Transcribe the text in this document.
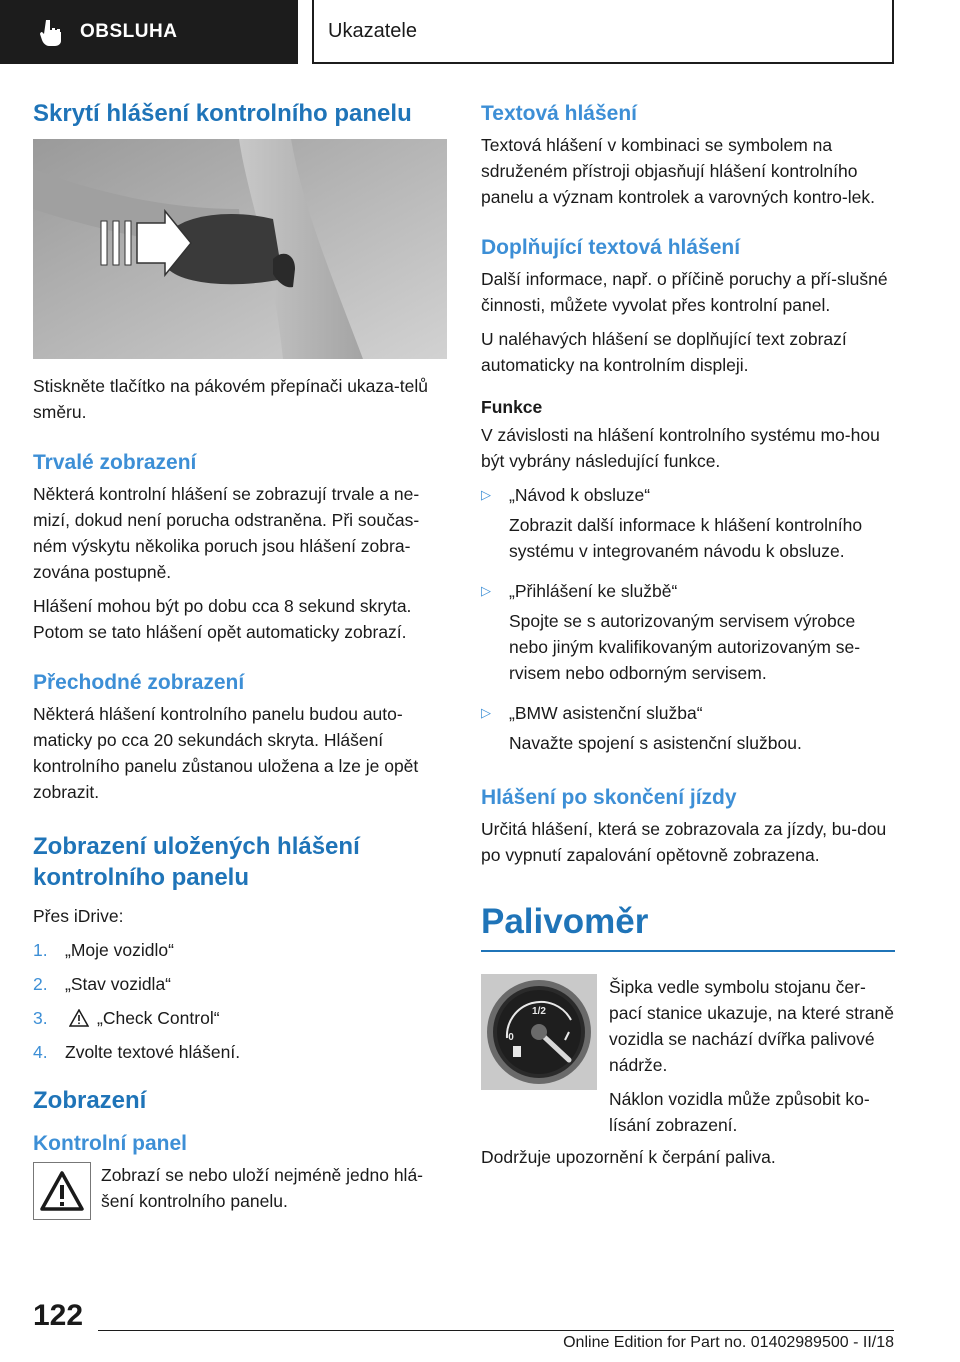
OBSLUHA	Ukazatele
Skrytí hlášení kontrolního panelu

Stiskněte tlačítko na pákovém přepínači ukaza-telů směru.

Trvalé zobrazení

Některá kontrolní hlášení se zobrazují trvale a ne-mizí, dokud není porucha odstraněna. Při součas-ném výskytu několika poruch jsou hlášení zobra-zována postupně.

Hlášení mohou být po dobu cca 8 sekund skryta. Potom se tato hlášení opět automaticky zobrazí.

Přechodné zobrazení

Některá hlášení kontrolního panelu budou auto-maticky po cca 20 sekundách skryta. Hlášení kontrolního panelu zůstanou uložena a lze je opět zobrazit.

Zobrazení uložených hlášení kontrolního panelu

Přes iDrive:

1. „Moje vozidlo“
2. „Stav vozidla“
3.	„Check Control“
4. Zvolte textové hlášení.
Zobrazení
Kontrolní panel

Zobrazí se nebo uloží nejméně jedno hlá-šení kontrolního panelu.

Textová hlášení

Textová hlášení v kombinaci se symbolem na sdruženém přístroji objasňují hlášení kontrolního panelu a význam kontrolek a varovných kontro-lek.

Doplňující textová hlášení

Další informace, např. o příčině poruchy a pří-slušné činnosti, můžete vyvolat přes kontrolní panel.

U naléhavých hlášení se doplňující text zobrazí automaticky na kontrolním displeji.

Funkce

V závislosti na hlášení kontrolního systému mo-hou být vybrány následující funkce.

▷	„Návod k obsluze“

Zobrazit další informace k hlášení kontrolního systému v integrovaném návodu k obsluze.

▷	„Přihlášení ke službě“

Spojte se s autorizovaným servisem výrobce nebo jiným kvalifikovaným autorizovaným se-rvisem nebo odborným servisem.

▷	„BMW asistenční služba“

Navažte spojení s asistenční službou.

Hlášení po skončení jízdy

Určitá hlášení, která se zobrazovala za jízdy, bu-dou po vypnutí zapalování opětovně zobrazena.

Palivoměr
1/2
0

Šipka vedle symbolu stojanu čer-pací stanice ukazuje, na které straně vozidla se nachází dvířka palivové nádrže.

Náklon vozidla může způsobit ko-lísání zobrazení.

Dodržuje upozornění k čerpání paliva.

122
Online Edition for Part no. 01402989500 - II/18
